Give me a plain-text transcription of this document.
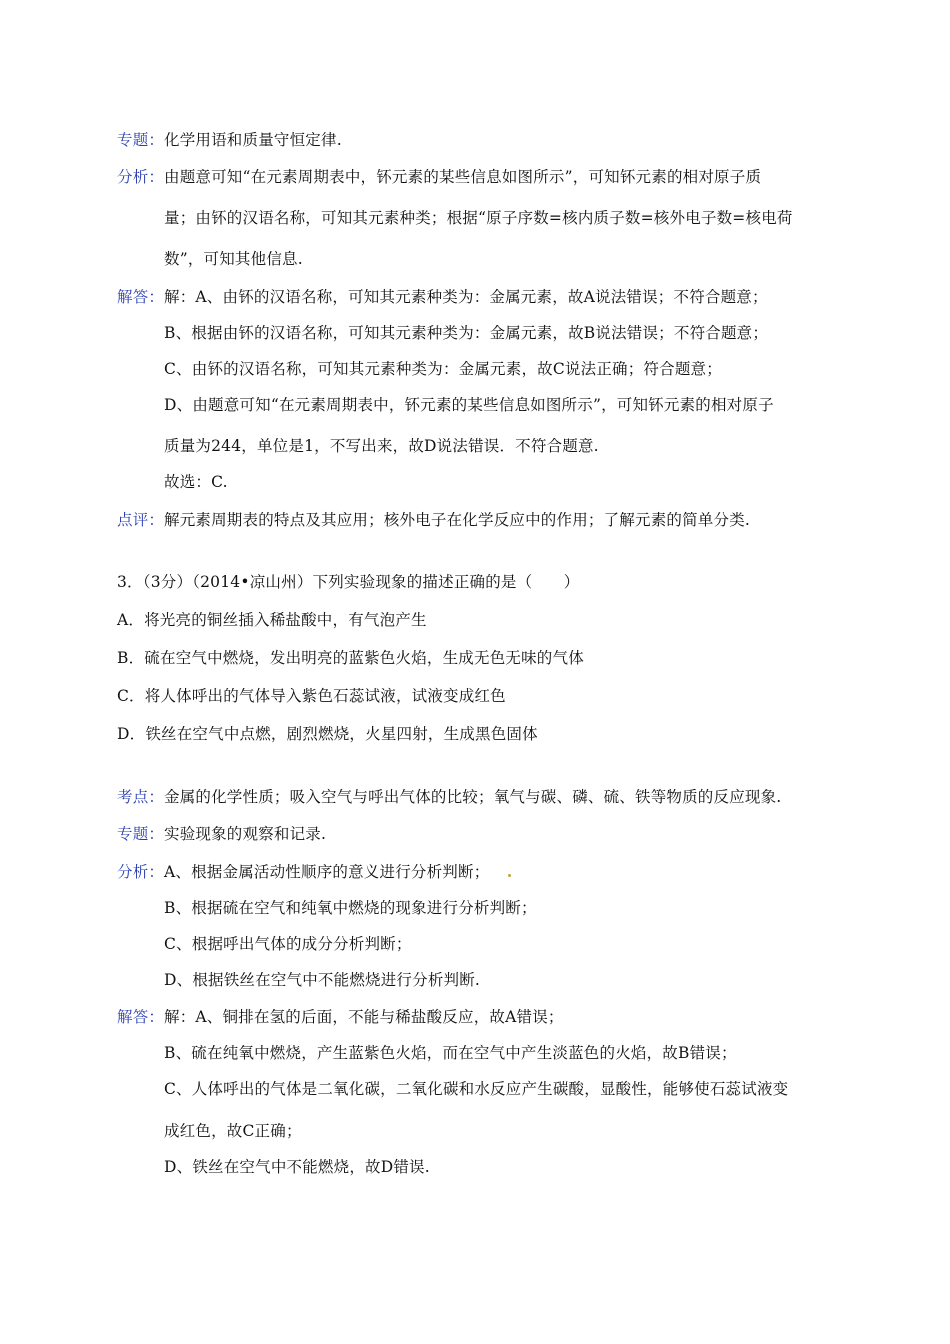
专题： 化学用语和质量守恒定律.
分析： 由题意可知“在元素周期表中，钚元素的某些信息如图所示”，可知钚元素的相对原子质
量；由钚的汉语名称，可知其元素种类；根据“原子序数=核内质子数=核外电子数=核电荷
数”，可知其他信息.
解答： 解：A、由钚的汉语名称，可知其元素种类为：金属元素，故A说法错误；不符合题意；
B、根据由钚的汉语名称，可知其元素种类为：金属元素，故B说法错误；不符合题意；
C、由钚的汉语名称，可知其元素种类为：金属元素，故C说法正确；符合题意；
D、由题意可知“在元素周期表中，钚元素的某些信息如图所示”，可知钚元素的相对原子
质量为244，单位是1，不写出来，故D说法错误．不符合题意.
故选：C.
点评： 解元素周期表的特点及其应用；核外电子在化学反应中的作用；了解元素的简单分类.
3．（3分）（2014•凉山州）下列实验现象的描述正确的是（　　）
A．将光亮的铜丝插入稀盐酸中，有气泡产生
B．硫在空气中燃烧，发出明亮的蓝紫色火焰，生成无色无味的气体
C．将人体呼出的气体导入紫色石蕊试液，试液变成红色
D．铁丝在空气中点燃，剧烈燃烧，火星四射，生成黑色固体
考点： 金属的化学性质；吸入空气与呼出气体的比较；氧气与碳、磷、硫、铁等物质的反应现象.
专题： 实验现象的观察和记录.
分析： A、根据金属活动性顺序的意义进行分析判断；
B、根据硫在空气和纯氧中燃烧的现象进行分析判断；
C、根据呼出气体的成分分析判断；
D、根据铁丝在空气中不能燃烧进行分析判断.
解答： 解：A、铜排在氢的后面，不能与稀盐酸反应，故A错误；
B、硫在纯氧中燃烧，产生蓝紫色火焰，而在空气中产生淡蓝色的火焰，故B错误；
C、人体呼出的气体是二氧化碳，二氧化碳和水反应产生碳酸，显酸性，能够使石蕊试液变
成红色，故C正确；
D、铁丝在空气中不能燃烧，故D错误.
